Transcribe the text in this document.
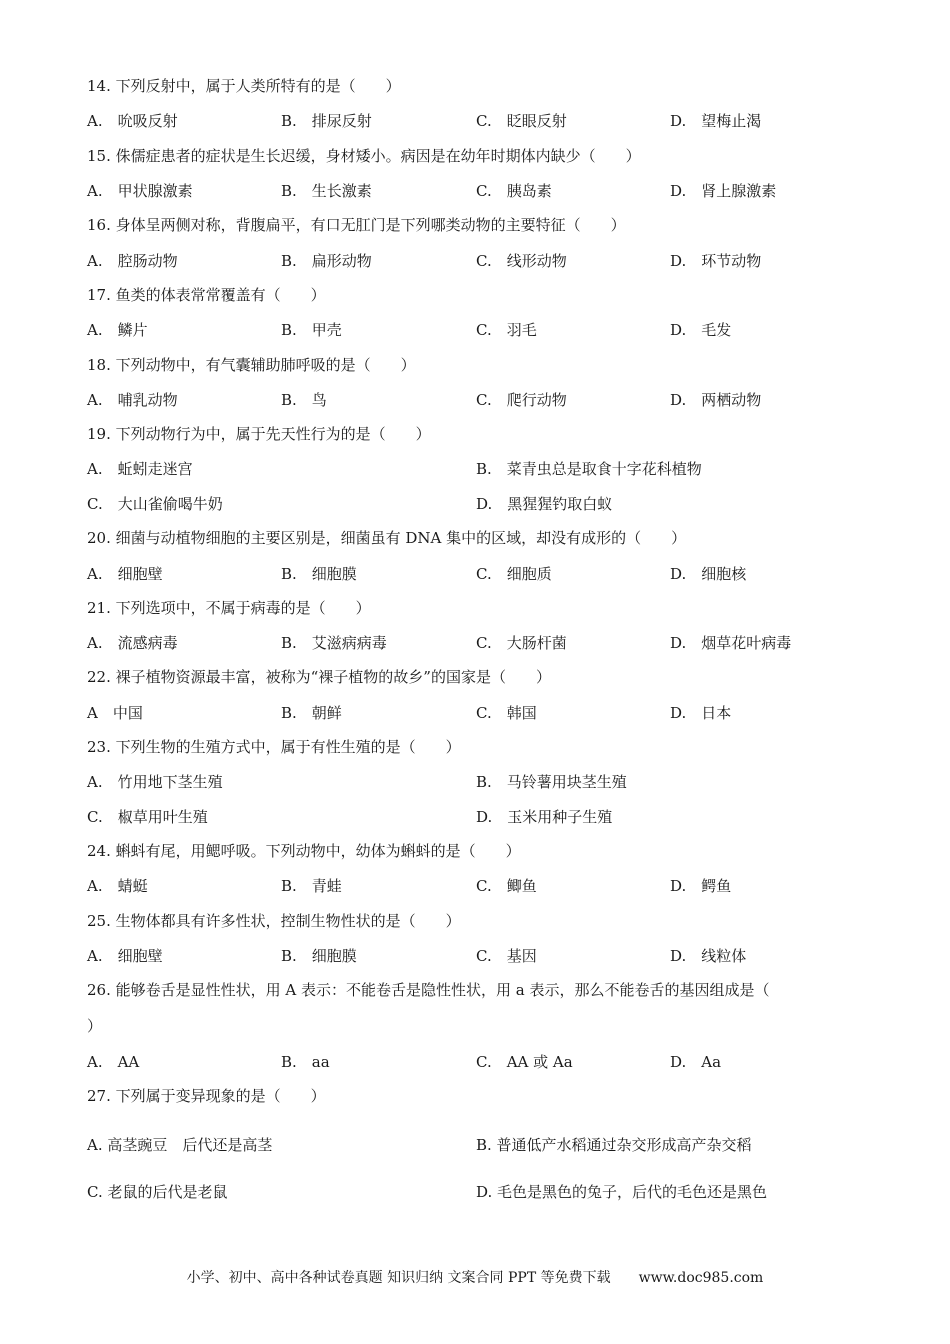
14. 下列反射中，属于人类所特有的是（　　）
A.　吮吸反射	B.　排尿反射	C.　眨眼反射	D.　望梅止渴
15. 侏儒症患者的症状是生长迟缓，身材矮小。病因是在幼年时期体内缺少（　　）
A.　甲状腺激素	B.　生长激素	C.　胰岛素	D.　肾上腺激素
16. 身体呈两侧对称，背腹扁平，有口无肛门是下列哪类动物的主要特征（　　）
A.　腔肠动物	B.　扁形动物	C.　线形动物	D.　环节动物
17. 鱼类的体表常常覆盖有（　　）
A.　鳞片	B.　甲壳	C.　羽毛	D.　毛发
18. 下列动物中，有气囊辅助肺呼吸的是（　　）
A.　哺乳动物	B.　鸟	C.　爬行动物	D.　两栖动物
19. 下列动物行为中，属于先天性行为的是（　　）
A.　蚯蚓走迷宫	B.　菜青虫总是取食十字花科植物
C.　大山雀偷喝牛奶	D.　黑猩猩钓取白蚁
20. 细菌与动植物细胞的主要区别是，细菌虽有 DNA 集中的区域，却没有成形的（　　）
A.　细胞壁	B.　细胞膜	C.　细胞质	D.　细胞核
21. 下列选项中，不属于病毒的是（　　）
A.　流感病毒	B.　艾滋病病毒	C.　大肠杆菌	D.　烟草花叶病毒
22. 裸子植物资源最丰富，被称为“裸子植物的故乡”的国家是（　　）
A　中国	B.　朝鲜	C.　韩国	D.　日本
23. 下列生物的生殖方式中，属于有性生殖的是（　　）
A.　竹用地下茎生殖	B.　马铃薯用块茎生殖
C.　椒草用叶生殖	D.　玉米用种子生殖
24. 蝌蚪有尾，用鳃呼吸。下列动物中，幼体为蝌蚪的是（　　）
A.　蜻蜓	B.　青蛙	C.　鲫鱼	D.　鳄鱼
25. 生物体都具有许多性状，控制生物性状的是（　　）
A.　细胞壁	B.　细胞膜	C.　基因	D.　线粒体
26. 能够卷舌是显性性状，用 A 表示：不能卷舌是隐性性状，用 a 表示，那么不能卷舌的基因组成是（
）
A.　AA	B.　aa	C.　AA 或 Aa	D.　Aa
27. 下列属于变异现象的是（　　）
A. 高茎豌豆　后代还是高茎	B. 普通低产水稻通过杂交形成高产杂交稻
C. 老鼠的后代是老鼠	D. 毛色是黑色的兔子，后代的毛色还是黑色
小学、初中、高中各种试卷真题 知识归纳 文案合同 PPT 等免费下载　　www.doc985.com
